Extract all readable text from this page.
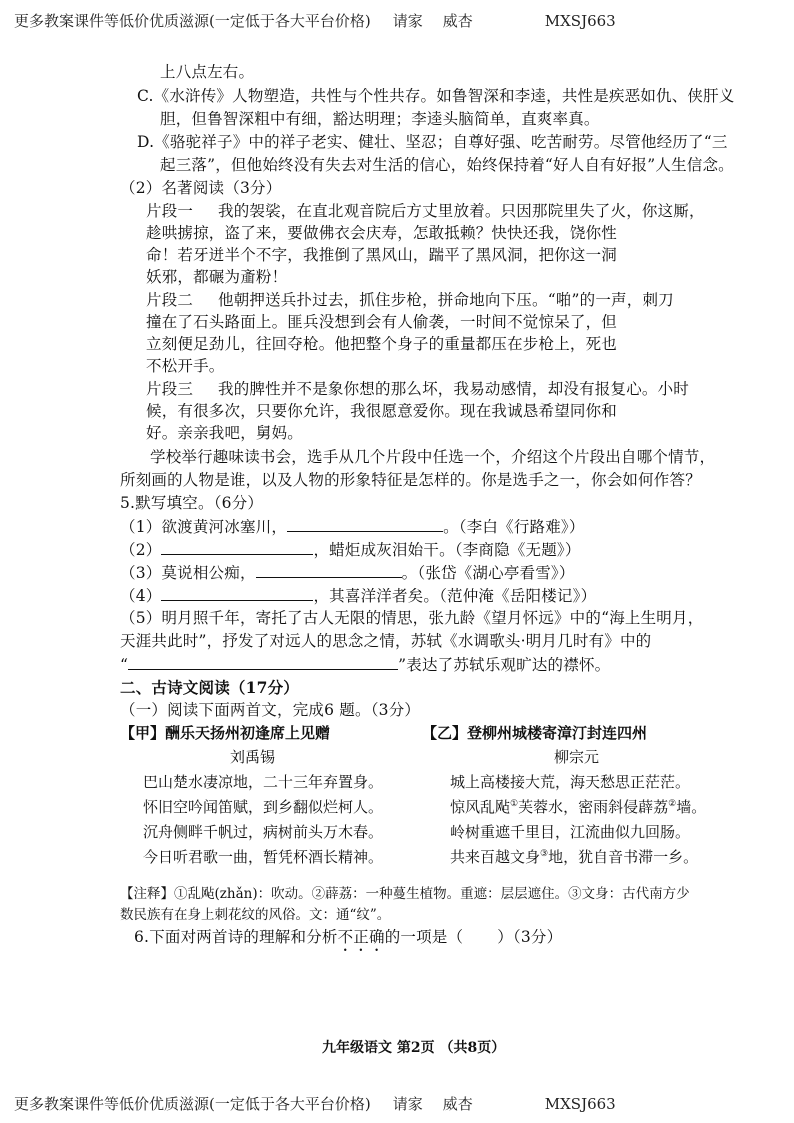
更多教案课件等低价优质滋源(一定低于各大平台价格) 请家 威杏	MXSJ663
上八点左右。
C.《水浒传》人物塑造，共性与个性共存。如鲁智深和李逵，共性是疾恶如仇、侠肝义
胆，但鲁智深粗中有细，豁达明理；李逵头脑简单，直爽率真。
D.《骆驼祥子》中的祥子老实、健壮、坚忍；自尊好强、吃苦耐劳。尽管他经历了“三
起三落”，但他始终没有失去对生活的信心，始终保持着“好人自有好报”人生信念。
（2）名著阅读（3分）
片段一 我的袈裟，在直北观音院后方丈里放着。只因那院里失了火，你这厮，
趁哄掳掠，盗了来，要做佛衣会庆寿，怎敢抵赖？快快还我，饶你性
命！若牙迸半个不字，我推倒了黑风山，踹平了黑风洞，把你这一洞
妖邪，都碾为齑粉！
片段二 他朝押送兵扑过去，抓住步枪，拼命地向下压。“啪”的一声，刺刀
撞在了石头路面上。匪兵没想到会有人偷袭，一时间不觉惊呆了，但
立刻便足劲儿，往回夺枪。他把整个身子的重量都压在步枪上，死也
不松开手。
片段三 我的脾性并不是象你想的那么坏，我易动感情，却没有报复心。小时
候，有很多次，只要你允许，我很愿意爱你。现在我诚恳希望同你和
好。亲亲我吧，舅妈。
学校举行趣味读书会，选手从几个片段中任选一个，介绍这个片段出自哪个情节，
所刻画的人物是谁，以及人物的形象特征是怎样的。你是选手之一，你会如何作答？
5.默写填空。（6分）
（1）欲渡黄河冰塞川，	。（李白《行路难》）
（2）	，蜡炬成灰泪始干。（李商隐《无题》）
（3）莫说相公痴，	。（张岱《湖心亭看雪》）
（4）	，其喜洋洋者矣。（范仲淹《岳阳楼记》）
（5）明月照千年，寄托了古人无限的情思，张九龄《望月怀远》中的“海上生明月，
天涯共此时”，抒发了对远人的思念之情，苏轼《水调歌头·明月几时有》中的
“	”表达了苏轼乐观旷达的襟怀。
二、古诗文阅读（17分）
（一）阅读下面两首文，完成6 题。（3分）
【甲】酬乐天扬州初逢席上见赠
刘禹锡
巴山楚水凄凉地，二十三年弃置身。
怀旧空吟闻笛赋，到乡翻似烂柯人。
沉舟侧畔千帆过，病树前头万木春。
今日听君歌一曲，暂凭杯酒长精神。
【乙】登柳州城楼寄漳汀封连四州
柳宗元
城上高楼接大荒，海天愁思正茫茫。
惊风乱飐①芙蓉水，密雨斜侵薜荔②墙。
岭树重遮千里目，江流曲似九回肠。
共来百越文身③地，犹自音书滞一乡。
【注释】①乱飐(zhǎn)：吹动。②薜荔：一种蔓生植物。重遮：层层遮住。③文身：古代南方少
数民族有在身上刺花纹的风俗。文：通“纹”。
6.下面对两首诗的理解和分析不正确的一项是（ ）（3分）
九年级语文 第2页 （共8页）
更多教案课件等低价优质滋源(一定低于各大平台价格) 请家 威杏	MXSJ663
